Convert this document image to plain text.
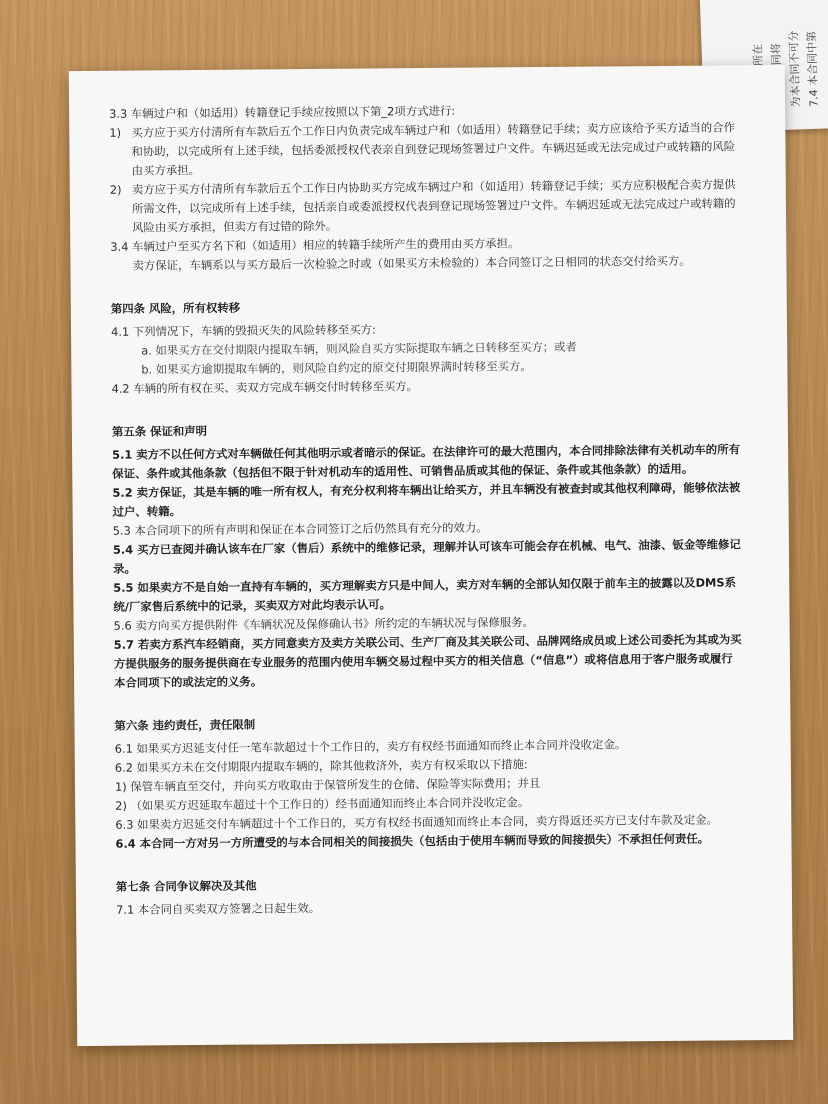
为本合同不可分 7.4 本合同中第

3.3 车辆过户和（如适用）转籍登记手续应按照以下第_2项方式进行:

1) 买方应于买方付清所有车款后五个工作日内负责完成车辆过户和（如适用）转籍登记手续；卖方应该给予买方适当的合作和协助，以完成所有上述手续，包括委派授权代表亲自到登记现场签署过户文件。车辆迟延或无法完成过户或转籍的风险由买方承担。
2) 卖方应于买方付清所有车款后五个工作日内协助买方完成车辆过户和（如适用）转籍登记手续；买方应积极配合卖方提供所需文件，以完成所有上述手续，包括亲自或委派授权代表到登记现场签署过户文件。车辆迟延或无法完成过户或转籍的风险由买方承担，但卖方有过错的除外。

3.4 车辆过户至买方名下和（如适用）相应的转籍手续所产生的费用由买方承担。

卖方保证，车辆系以与买方最后一次检验之时或（如果买方未检验的）本合同签订之日相同的状态交付给买方。

第四条 风险，所有权转移

4.1 下列情况下，车辆的毁损灭失的风险转移至买方:

a. 如果买方在交付期限内提取车辆，则风险自买方实际提取车辆之日转移至买方；或者

b. 如果买方逾期提取车辆的，则风险自约定的原交付期限界满时转移至买方。

4.2 车辆的所有权在买、卖双方完成车辆交付时转移至买方。

第五条 保证和声明

5.1 卖方不以任何方式对车辆做任何其他明示或者暗示的保证。在法律许可的最大范围内，本合同排除法律有关机动车的所有保证、条件或其他条款（包括但不限于针对机动车的适用性、可销售品质或其他的保证、条件或其他条款）的适用。

5.2 卖方保证，其是车辆的唯一所有权人，有充分权利将车辆出让给买方，并且车辆没有被查封或其他权利障碍，能够依法被过户、转籍。

5.3 本合同项下的所有声明和保证在本合同签订之后仍然具有充分的效力。

5.4 买方已查阅并确认该车在厂家（售后）系统中的维修记录，理解并认可该车可能会存在机械、电气、油漆、钣金等维修记录。

5.5 如果卖方不是自始一直持有车辆的，买方理解卖方只是中间人，卖方对车辆的全部认知仅限于前车主的披露以及DMS系统/厂家售后系统中的记录，买卖双方对此均表示认可。

5.6 卖方向买方提供附件《车辆状况及保修确认书》所约定的车辆状况与保修服务。

5.7 若卖方系汽车经销商，买方同意卖方及卖方关联公司、生产厂商及其关联公司、品牌网络成员或上述公司委托为其或为买方提供服务的服务提供商在专业服务的范围内使用车辆交易过程中买方的相关信息（“信息”）或将信息用于客户服务或履行本合同项下的或法定的义务。

第六条 违约责任，责任限制

6.1 如果买方迟延支付任一笔车款超过十个工作日的，卖方有权经书面通知而终止本合同并没收定金。

6.2 如果买方未在交付期限内提取车辆的，除其他救济外，卖方有权采取以下措施:

1) 保管车辆直至交付，并向买方收取由于保管所发生的仓储、保险等实际费用；并且

2) （如果买方迟延取车超过十个工作日的）经书面通知而终止本合同并没收定金。

6.3 如果卖方迟延交付车辆超过十个工作日的，买方有权经书面通知而终止本合同，卖方得返还买方已支付车款及定金。

6.4 本合同一方对另一方所遭受的与本合同相关的间接损失（包括由于使用车辆而导致的间接损失）不承担任何责任。

第七条 合同争议解决及其他

7.1 本合同自买卖双方签署之日起生效。
